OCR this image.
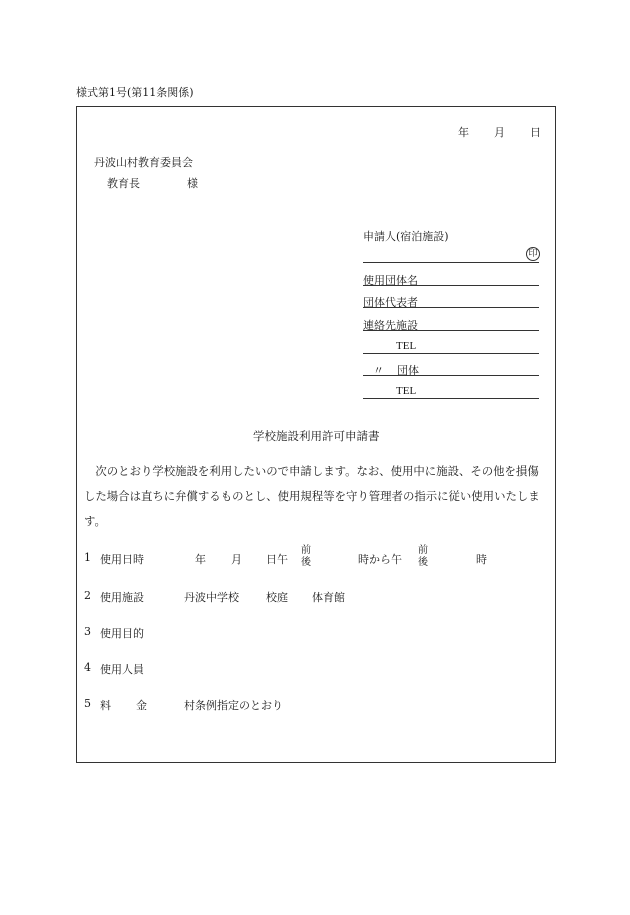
様式第1号(第11条関係)
年 月 日
丹波山村教育委員会
教育長	様
申請人(宿泊施設)
印
使用団体名
団体代表者
連絡先施設
TEL
〃 団体
TEL
学校施設利用許可申請書
　次のとおり学校施設を利用したいので申請します。なお、使用中に施設、その他を損傷した場合は直ちに弁償するものとし、使用規程等を守り管理者の指示に従い使用いたします。
1 使用日時	年 月 日午
前
後	時から午
前
後	時
2 使用施設	丹波中学校 校庭 体育館
3 使用目的
4 使用人員
5 料 金	村条例指定のとおり
